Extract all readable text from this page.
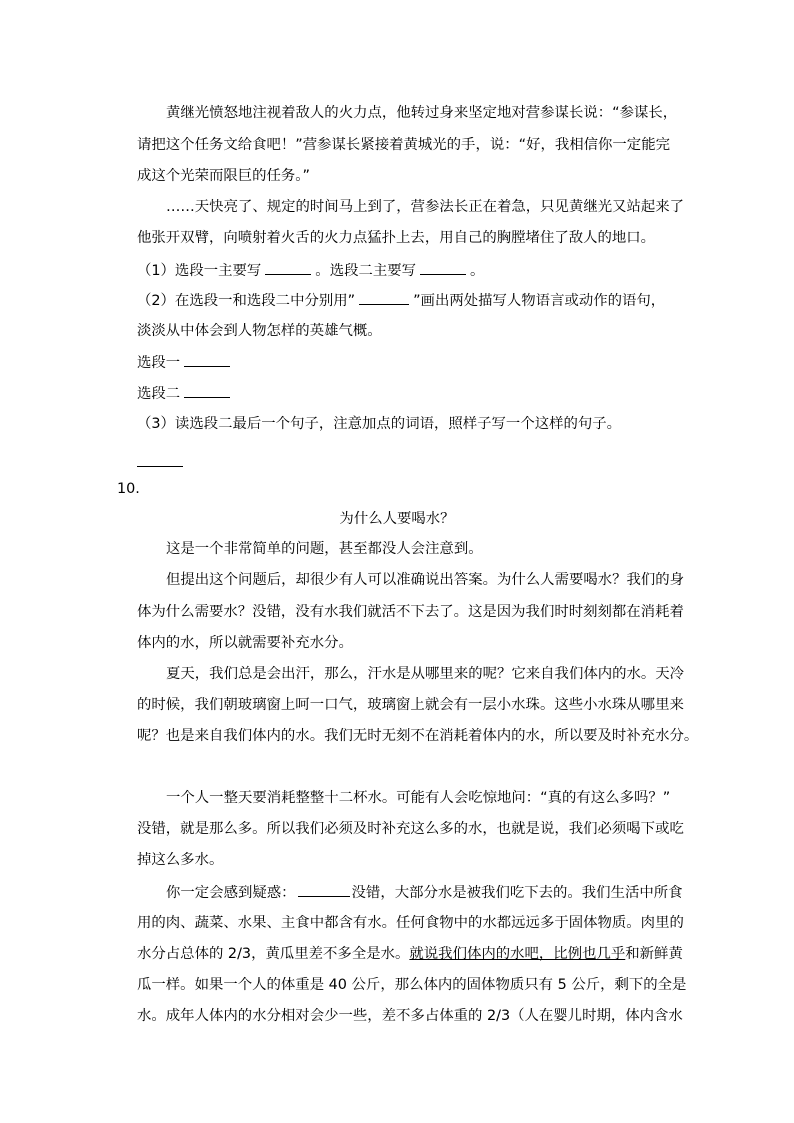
黄继光愤怒地注视着敌人的火力点，他转过身来坚定地对营参谋长说：“参谋长，
请把这个任务文给食吧！”营参谋长紧接着黄城光的手，说：“好，我相信你一定能完
成这个光荣而限巨的任务。”
……天快亮了、规定的时间马上到了，营参法长正在着急，只见黄继光又站起来了
他张开双臂，向喷射着火舌的火力点猛扑上去，用自己的胸膛堵住了敌人的地口。
（1）选段一主要写	。选段二主要写	。
（2）在选段一和选段二中分别用”	”画出两处描写人物语言或动作的语句，
淡淡从中体会到人物怎样的英雄气概。
选段一
选段二
（3）读选段二最后一个句子，注意加点的词语，照样子写一个这样的句子。
10.
为什么人要喝水？
这是一个非常简单的问题，甚至都没人会注意到。
但提出这个问题后，却很少有人可以准确说出答案。为什么人需要喝水？我们的身
体为什么需要水？没错，没有水我们就活不下去了。这是因为我们时时刻刻都在消耗着
体内的水，所以就需要补充水分。
夏天，我们总是会出汗，那么，汗水是从哪里来的呢？它来自我们体内的水。天冷
的时候，我们朝玻璃窗上呵一口气，玻璃窗上就会有一层小水珠。这些小水珠从哪里来
呢？也是来自我们体内的水。我们无时无刻不在消耗着体内的水，所以要及时补充水分。
一个人一整天要消耗整整十二杯水。可能有人会吃惊地问：“真的有这么多吗？”
没错，就是那么多。所以我们必须及时补充这么多的水，也就是说，我们必须喝下或吃
掉这么多水。
你一定会感到疑惑：	没错，大部分水是被我们吃下去的。我们生活中所食
用的肉、蔬菜、水果、主食中都含有水。任何食物中的水都远远多于固体物质。肉里的
水分占总体的 2/3，黄瓜里差不多全是水。就说我们体内的水吧，比例也几乎和新鲜黄
瓜一样。如果一个人的体重是 40 公斤，那么体内的固体物质只有 5 公斤，剩下的全是
水。成年人体内的水分相对会少一些，差不多占体重的 2/3（人在婴儿时期，体内含水
